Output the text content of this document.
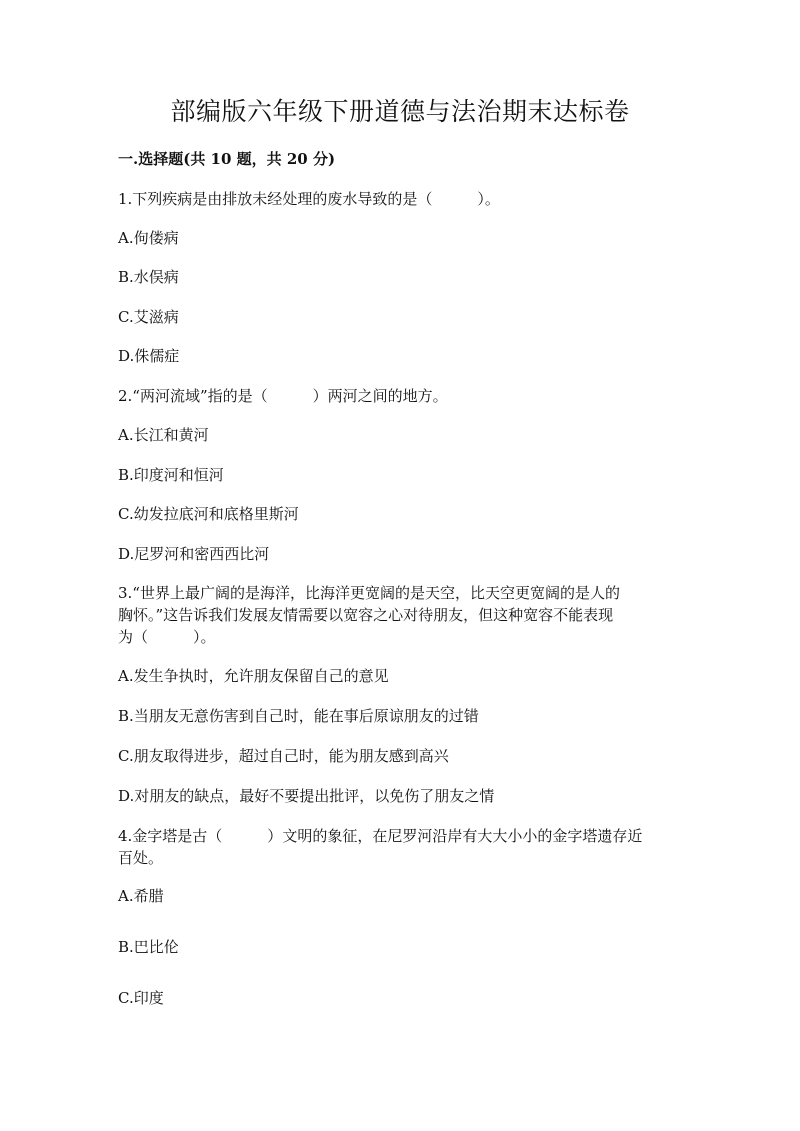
部编版六年级下册道德与法治期末达标卷
一.选择题(共 10 题，共 20 分)
1.下列疾病是由排放未经处理的废水导致的是（　　　）。
A.佝偻病
B.水俣病
C.艾滋病
D.侏儒症
2.“两河流域”指的是（　　　）两河之间的地方。
A.长江和黄河
B.印度河和恒河
C.幼发拉底河和底格里斯河
D.尼罗河和密西西比河
3.“世界上最广阔的是海洋，比海洋更宽阔的是天空，比天空更宽阔的是人的
胸怀。”这告诉我们发展友情需要以宽容之心对待朋友，但这种宽容不能表现
为（　　　）。
A.发生争执时，允许朋友保留自己的意见
B.当朋友无意伤害到自己时，能在事后原谅朋友的过错
C.朋友取得进步，超过自己时，能为朋友感到高兴
D.对朋友的缺点，最好不要提出批评，以免伤了朋友之情
4.金字塔是古（　　　）文明的象征，在尼罗河沿岸有大大小小的金字塔遗存近
百处。
A.希腊
B.巴比伦
C.印度
